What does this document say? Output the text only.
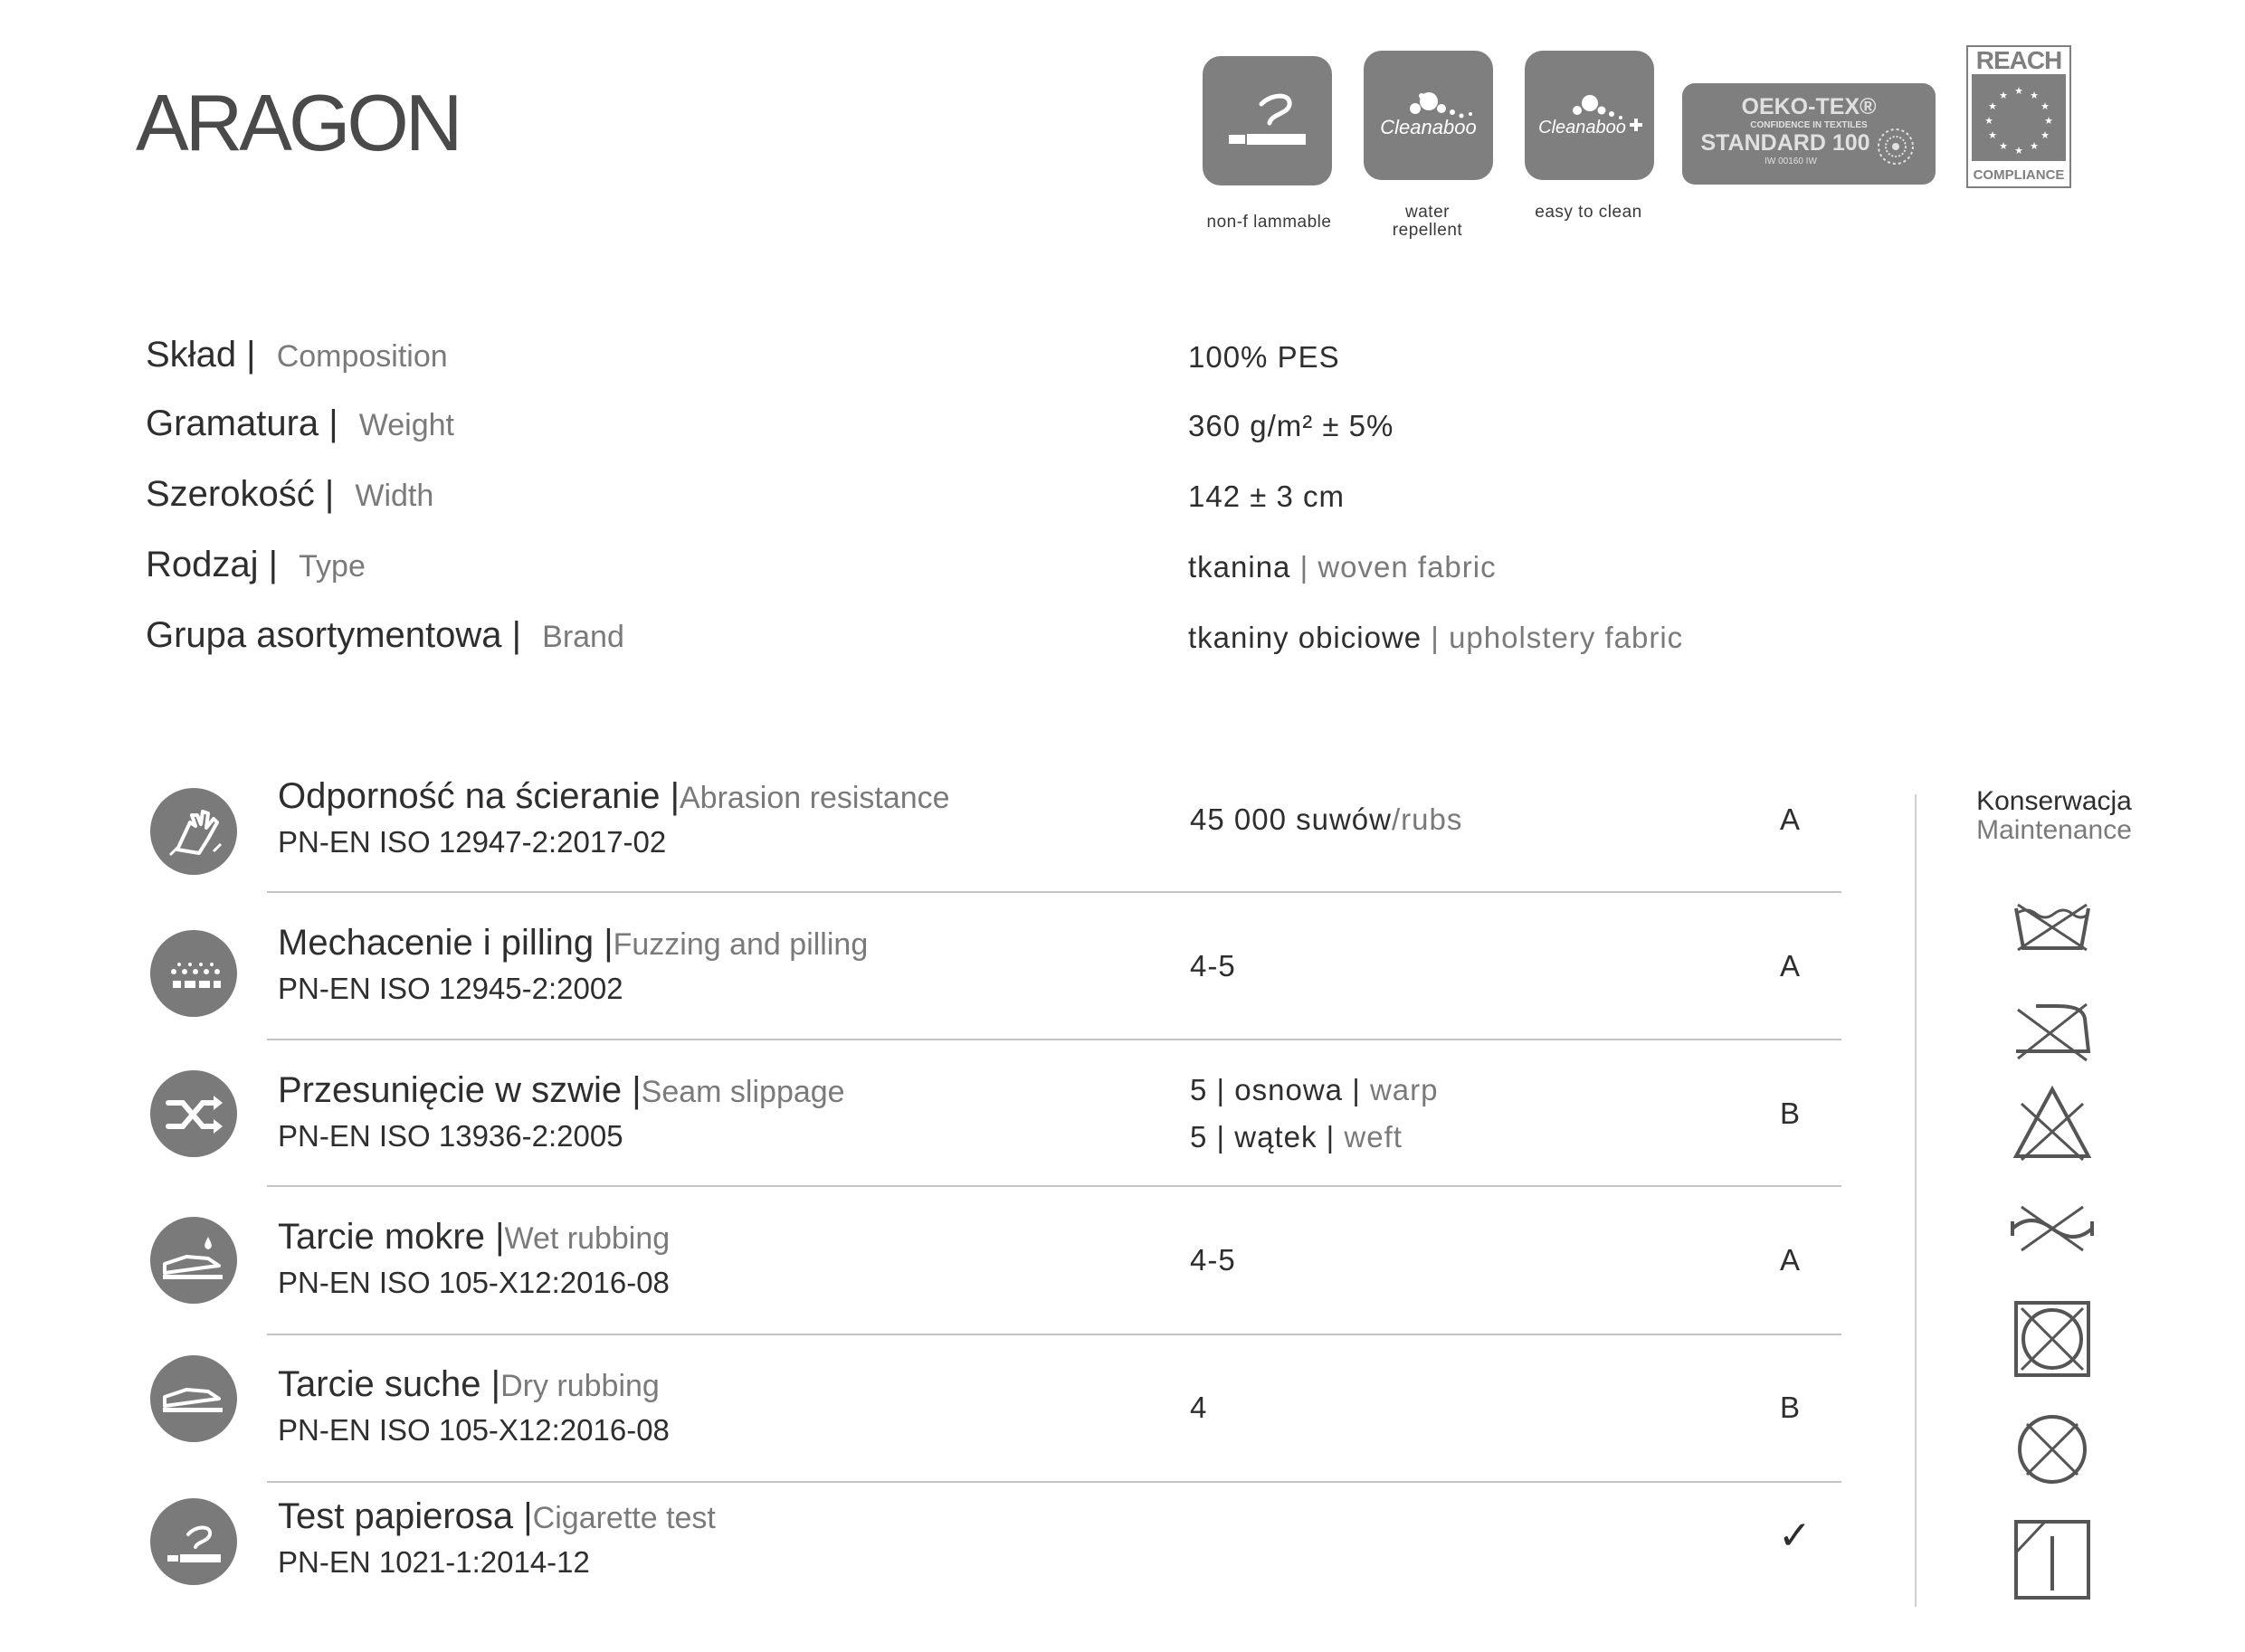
ARAGON
non-f lammable
Cleanaboo
water
repellent
Cleanaboo
easy to clean
OEKO-TEX®
CONFIDENCE IN TEXTILES
STANDARD 100
IW 00160 IW
REACH
★ ★
★
★
★
★
★
★
★
★
★
★
COMPLIANCE
Skład | Composition	100% PES
Gramatura | Weight	360 g/m² ± 5%
Szerokość | Width	142 ± 3 cm
Rodzaj | Type	tkanina | woven fabric
Grupa asortymentowa | Brand	tkaniny obiciowe | upholstery fabric
Odporność na ścieranie |Abrasion resistance
PN-EN ISO 12947-2:2017-02
45 000 suwów/rubs	A
Mechacenie i pilling |Fuzzing and pilling
PN-EN ISO 12945-2:2002
4-5	A
Przesunięcie w szwie |Seam slippage
PN-EN ISO 13936-2:2005
5 | osnowa | warp
5 | wątek | weft
B
Tarcie mokre |Wet rubbing
PN-EN ISO 105-X12:2016-08
4-5	A
Tarcie suche |Dry rubbing
PN-EN ISO 105-X12:2016-08
4	B
Test papierosa |Cigarette test
PN-EN 1021-1:2014-12
✓
Konserwacja
Maintenance
